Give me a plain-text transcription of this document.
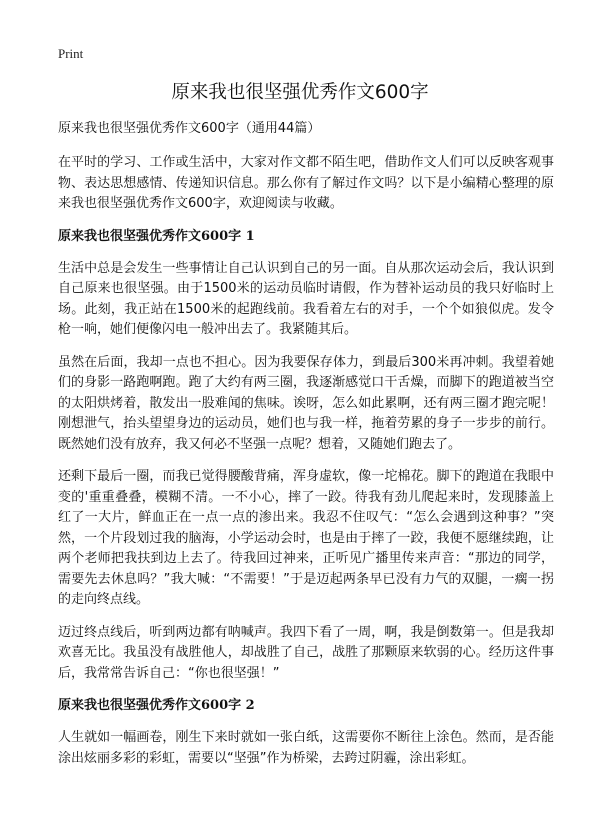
Print
原来我也很坚强优秀作文600字

原来我也很坚强优秀作文600字（通用44篇）

在平时的学习、工作或生活中，大家对作文都不陌生吧，借助作文人们可以反映客观事物、表达思想感情、传递知识信息。那么你有了解过作文吗？以下是小编精心整理的原来我也很坚强优秀作文600字，欢迎阅读与收藏。

原来我也很坚强优秀作文600字 1

生活中总是会发生一些事情让自己认识到自己的另一面。自从那次运动会后，我认识到自己原来也很坚强。由于1500米的运动员临时请假，作为替补运动员的我只好临时上场。此刻，我正站在1500米的起跑线前。我看着左右的对手，一个个如狼似虎。发令枪一响，她们便像闪电一般冲出去了。我紧随其后。

虽然在后面，我却一点也不担心。因为我要保存体力，到最后300米再冲刺。我望着她们的身影一路跑啊跑。跑了大约有两三圈，我逐渐感觉口干舌燥，而脚下的跑道被当空的太阳烘烤着，散发出一股难闻的焦味。诶呀，怎么如此累啊，还有两三圈才跑完呢！刚想泄气，抬头望望身边的运动员，她们也与我一样，拖着劳累的身子一步步的前行。既然她们没有放弃，我又何必不坚强一点呢？想着，又随她们跑去了。

还剩下最后一圈，而我已觉得腰酸背痛，浑身虚软，像一坨棉花。脚下的跑道在我眼中变的'重重叠叠，模糊不清。一不小心，摔了一跤。待我有劲儿爬起来时，发现膝盖上红了一大片，鲜血正在一点一点的渗出来。我忍不住叹气：“怎么会遇到这种事？”突然，一个片段划过我的脑海，小学运动会时，也是由于摔了一跤，我便不愿继续跑，让两个老师把我扶到边上去了。待我回过神来，正听见广播里传来声音：“那边的同学，需要先去休息吗？”我大喊：“不需要！”于是迈起两条早已没有力气的双腿，一瘸一拐的走向终点线。

迈过终点线后，听到两边都有呐喊声。我四下看了一周，啊，我是倒数第一。但是我却欢喜无比。我虽没有战胜他人，却战胜了自己，战胜了那颗原来软弱的心。经历这件事后，我常常告诉自己：“你也很坚强！”

原来我也很坚强优秀作文600字 2

人生就如一幅画卷，刚生下来时就如一张白纸，这需要你不断往上涂色。然而，是否能涂出炫丽多彩的彩虹，需要以“坚强”作为桥梁，去跨过阴霾，涂出彩虹。
